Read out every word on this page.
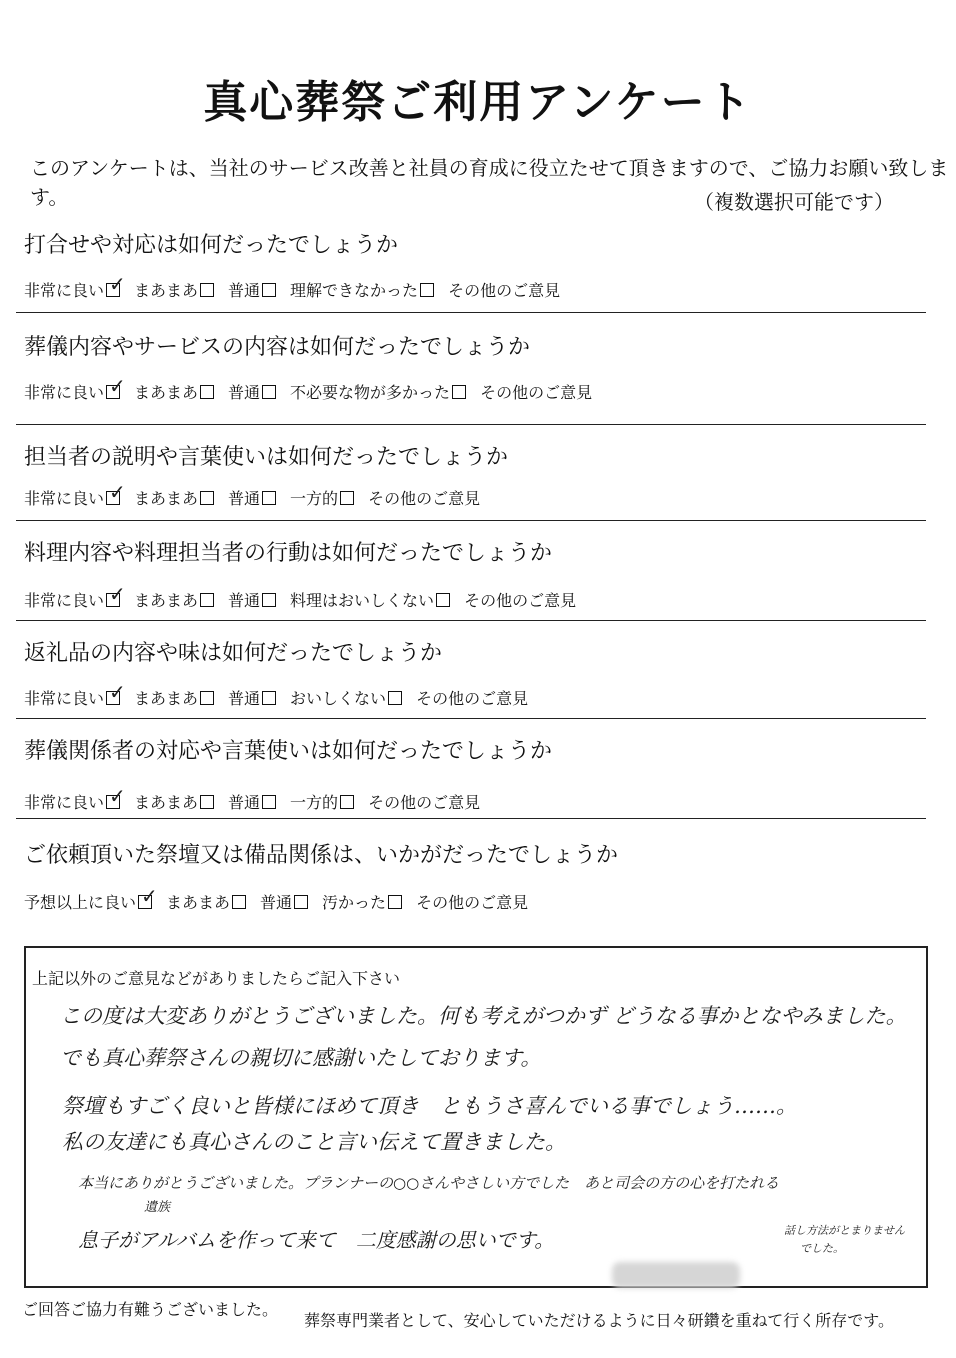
真心葬祭ご利用アンケート
このアンケートは、当社のサービス改善と社員の育成に役立たせて頂きますので、ご協力お願い致します。	（複数選択可能です）
打合せや対応は如何だったでしょうか
非常に良い ✓ まあまあ 普通 理解できなかった その他のご意見
葬儀内容やサービスの内容は如何だったでしょうか
非常に良い ✓ まあまあ 普通 不必要な物が多かった その他のご意見
担当者の説明や言葉使いは如何だったでしょうか
非常に良い ✓ まあまあ 普通 一方的 その他のご意見
料理内容や料理担当者の行動は如何だったでしょうか
非常に良い ✓ まあまあ 普通 料理はおいしくない その他のご意見
返礼品の内容や味は如何だったでしょうか
非常に良い ✓ まあまあ 普通 おいしくない その他のご意見
葬儀関係者の対応や言葉使いは如何だったでしょうか
非常に良い ✓ まあまあ 普通 一方的 その他のご意見
ご依頼頂いた祭壇又は備品関係は、いかがだったでしょうか
予想以上に良い ✓ まあまあ 普通 汚かった その他のご意見
上記以外のご意見などがありましたらご記入下さい
この度は大変ありがとうございました。何も考えがつかず どうなる事かとなやみました。
でも真心葬祭さんの親切に感謝いたしております。
祭壇もすごく良いと皆様にほめて頂き　ともうさ喜んでいる事でしょう……。
私の友達にも真心さんのこと言い伝えて置きました。
本当にありがとうございました。プランナーの○○さんやさしい方でした　あと司会の方の心を打たれる
息子がアルバムを作って来て　二度感謝の思いです。
遺族
話し方法がとまりません
でした。
ご回答ご協力有難うございました。
葬祭専門業者として、安心していただけるように日々研鑽を重ねて行く所存です。
